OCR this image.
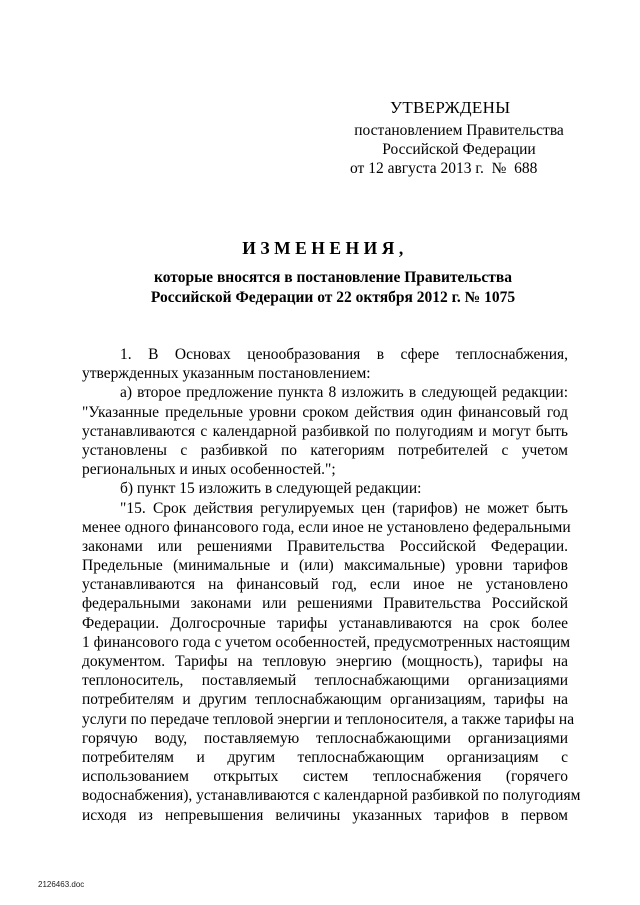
УТВЕРЖДЕНЫ
постановлением Правительства
Российской Федерации
от 12 августа 2013 г.  №  688
ИЗМЕНЕНИЯ,
которые вносятся в постановление Правительства
Российской Федерации от 22 октября 2012 г. № 1075
1. В Основах ценообразования в сфере теплоснабжения,
утвержденных указанным постановлением:
а) второе предложение пункта 8 изложить в следующей редакции:
"Указанные предельные уровни сроком действия один финансовый год
устанавливаются с календарной разбивкой по полугодиям и могут быть
установлены с разбивкой по категориям потребителей с учетом
региональных и иных особенностей.";
б) пункт 15 изложить в следующей редакции:
"15. Срок действия регулируемых цен (тарифов) не может быть
менее одного финансового года, если иное не установлено федеральными
законами или решениями Правительства Российской Федерации.
Предельные (минимальные и (или) максимальные) уровни тарифов
устанавливаются на финансовый год, если иное не установлено
федеральными законами или решениями Правительства Российской
Федерации. Долгосрочные тарифы устанавливаются на срок более
1 финансового года с учетом особенностей, предусмотренных настоящим
документом. Тарифы на тепловую энергию (мощность), тарифы на
теплоноситель, поставляемый теплоснабжающими организациями
потребителям и другим теплоснабжающим организациям, тарифы на
услуги по передаче тепловой энергии и теплоносителя, а также тарифы на
горячую воду, поставляемую теплоснабжающими организациями
потребителям и другим теплоснабжающим организациям с
использованием открытых систем теплоснабжения (горячего
водоснабжения), устанавливаются с календарной разбивкой по полугодиям
исходя из непревышения величины указанных тарифов в первом
2126463.doc
